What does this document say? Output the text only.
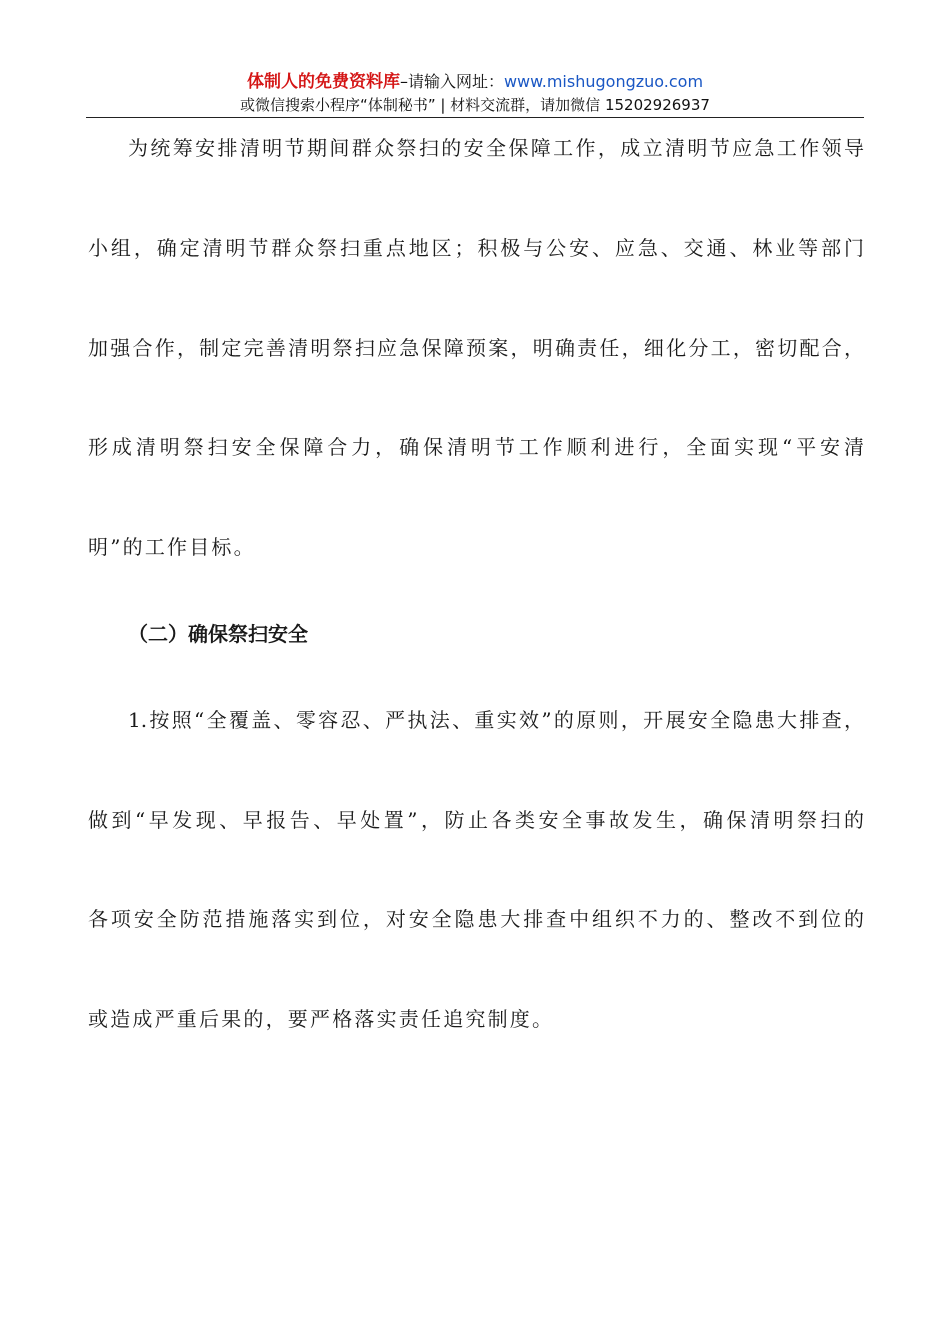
体制人的免费资料库–请输入网址：www.mishugongzuo.com
或微信搜索小程序“体制秘书” | 材料交流群，请加微信 15202926937
为统筹安排清明节期间群众祭扫的安全保障工作，成立清明节应急工作领导
小组，确定清明节群众祭扫重点地区；积极与公安、应急、交通、林业等部门
加强合作，制定完善清明祭扫应急保障预案，明确责任，细化分工，密切配合，
形成清明祭扫安全保障合力，确保清明节工作顺利进行，全面实现“平安清
明”的工作目标。
（二）确保祭扫安全
1.按照“全覆盖、零容忍、严执法、重实效”的原则，开展安全隐患大排查，
做到“早发现、早报告、早处置”，防止各类安全事故发生，确保清明祭扫的
各项安全防范措施落实到位，对安全隐患大排查中组织不力的、整改不到位的
或造成严重后果的，要严格落实责任追究制度。
